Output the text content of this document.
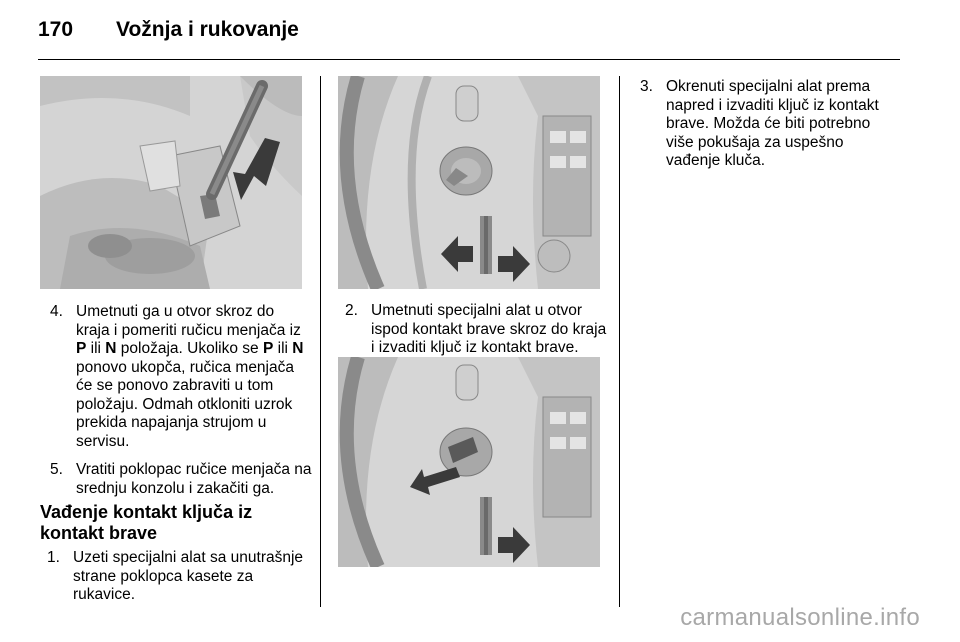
170 Vožnja i rukovanje
4. Umetnuti ga u otvor skroz do kraja i pomeriti ručicu menjača iz P ili N položaja. Ukoliko se P ili N ponovo ukopča, ručica menjača će se ponovo zabraviti u tom položaju. Odmah otkloniti uzrok prekida napajanja strujom u servisu.
5. Vratiti poklopac ručice menjača na srednju konzolu i zakačiti ga.
Vađenje kontakt ključa iz kontakt brave
1. Uzeti specijalni alat sa unutrašnje strane poklopca kasete za rukavice.
2. Umetnuti specijalni alat u otvor ispod kontakt brave skroz do kraja i izvaditi ključ iz kontakt brave.
3. Okrenuti specijalni alat prema napred i izvaditi ključ iz kontakt brave. Možda će biti potrebno više pokušaja za uspešno vađenje kluča.
carmanualsonline.info
